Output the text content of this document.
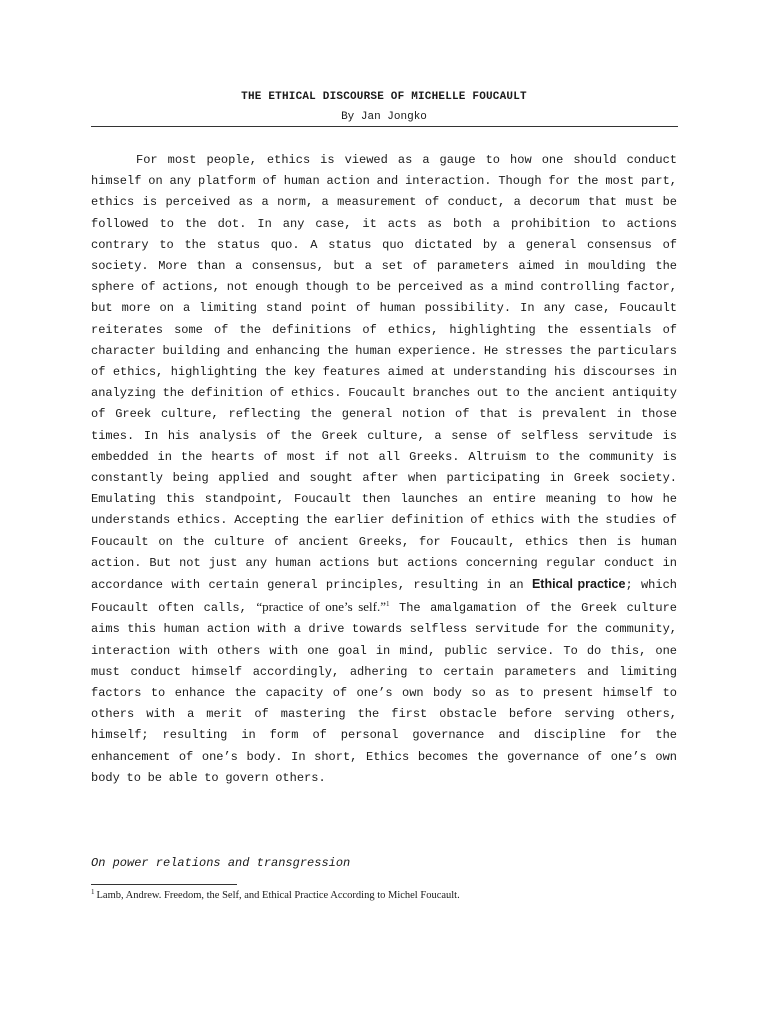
THE ETHICAL DISCOURSE OF MICHELLE FOUCAULT
By Jan Jongko

For most people, ethics is viewed as a gauge to how one should conduct himself on any platform of human action and interaction. Though for the most part, ethics is perceived as a norm, a measurement of conduct, a decorum that must be followed to the dot. In any case, it acts as both a prohibition to actions contrary to the status quo. A status quo dictated by a general consensus of society. More than a consensus, but a set of parameters aimed in moulding the sphere of actions, not enough though to be perceived as a mind controlling factor, but more on a limiting stand point of human possibility. In any case, Foucault reiterates some of the definitions of ethics, highlighting the essentials of character building and enhancing the human experience. He stresses the particulars of ethics, highlighting the key features aimed at understanding his discourses in analyzing the definition of ethics. Foucault branches out to the ancient antiquity of Greek culture, reflecting the general notion of that is prevalent in those times. In his analysis of the Greek culture, a sense of selfless servitude is embedded in the hearts of most if not all Greeks. Altruism to the community is constantly being applied and sought after when participating in Greek society. Emulating this standpoint, Foucault then launches an entire meaning to how he understands ethics. Accepting the earlier definition of ethics with the studies of Foucault on the culture of ancient Greeks, for Foucault, ethics then is human action. But not just any human actions but actions concerning regular conduct in accordance with certain general principles, resulting in an Ethical practice; which Foucault often calls, “practice of one’s self.”$^1$ The amalgamation of the Greek culture aims this human action with a drive towards selfless servitude for the community, interaction with others with one goal in mind, public service. To do this, one must conduct himself accordingly, adhering to certain parameters and limiting factors to enhance the capacity of one’s own body so as to present himself to others with a merit of mastering the first obstacle before serving others, himself; resulting in form of personal governance and discipline for the enhancement of one’s body. In short, Ethics becomes the governance of one’s own body to be able to govern others.

On power relations and transgression
$^1$ Lamb, Andrew. Freedom, the Self, and Ethical Practice According to Michel Foucault.
